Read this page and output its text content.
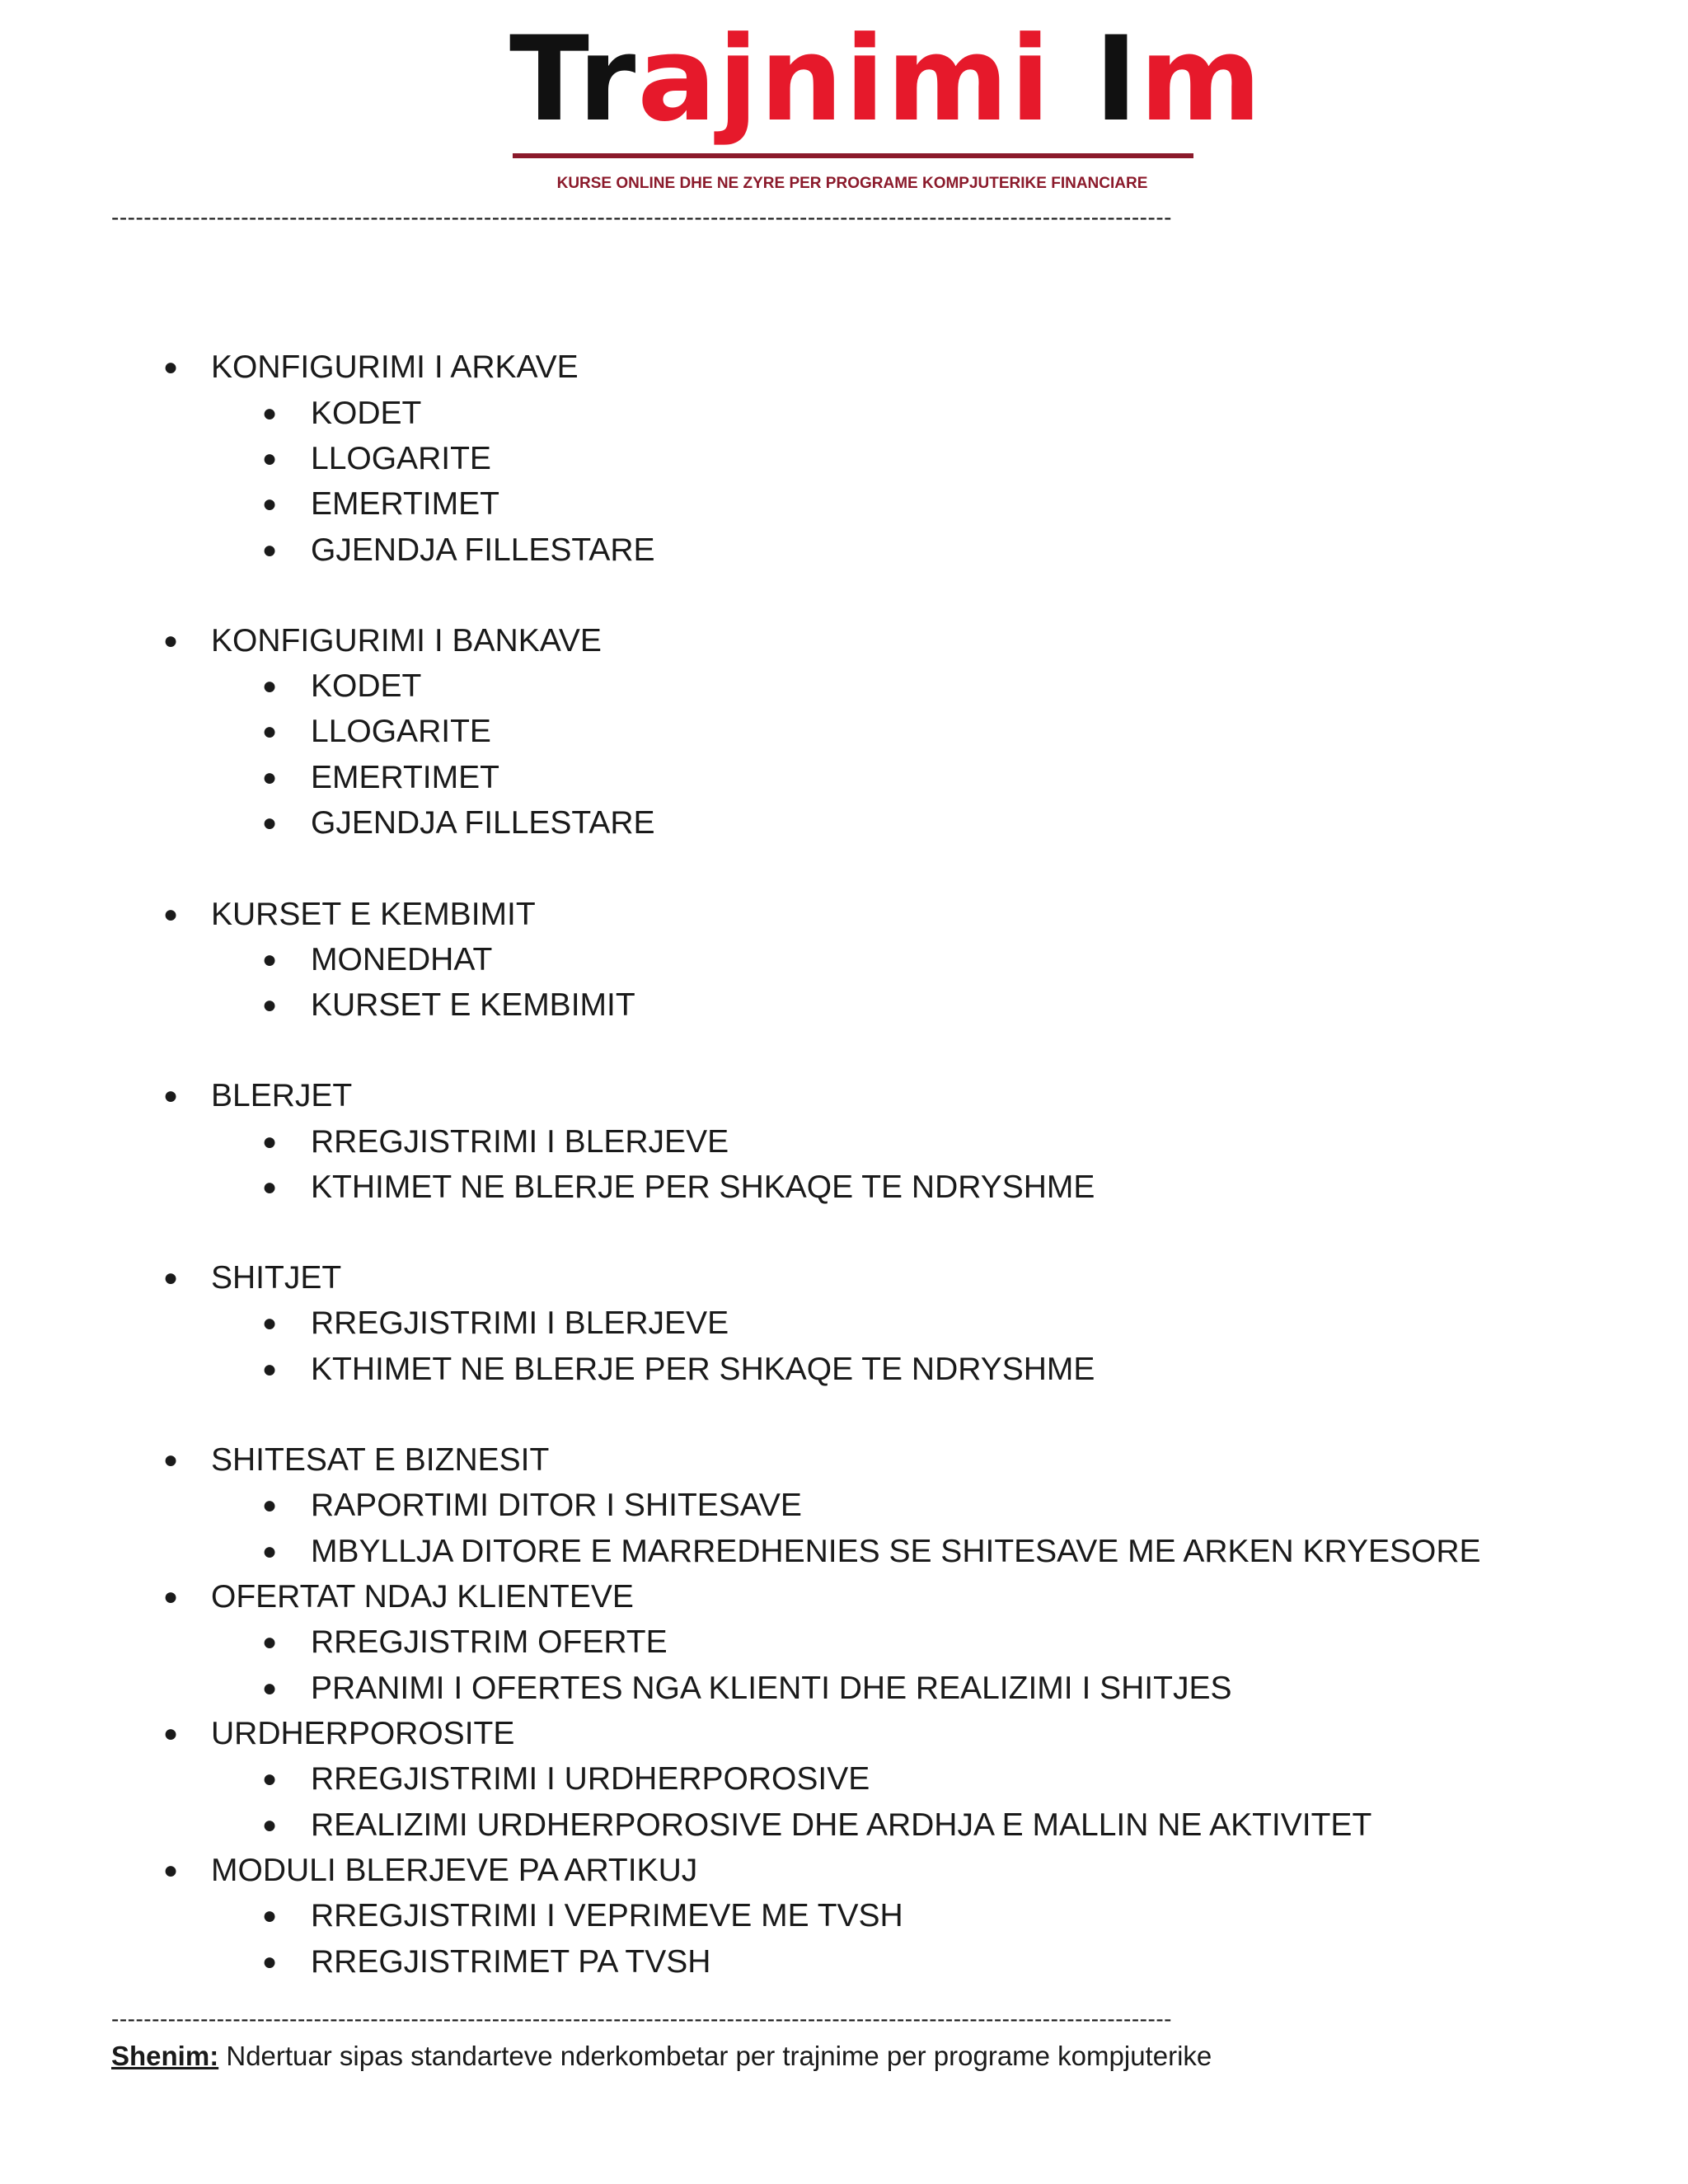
Trajnimi Im
KURSE ONLINE DHE NE ZYRE PER PROGRAME KOMPJUTERIKE FINANCIARE
-----------------------------------------------------------------------------------------------------------------------------------
● KONFIGURIMI I ARKAVE
● KODET
● LLOGARITE
● EMERTIMET
● GJENDJA FILLESTARE
● KONFIGURIMI I BANKAVE
● KODET
● LLOGARITE
● EMERTIMET
● GJENDJA FILLESTARE
● KURSET E KEMBIMIT
● MONEDHAT
● KURSET E KEMBIMIT
● BLERJET
● RREGJISTRIMI I BLERJEVE
● KTHIMET NE BLERJE PER SHKAQE TE NDRYSHME
● SHITJET
● RREGJISTRIMI I BLERJEVE
● KTHIMET NE BLERJE PER SHKAQE TE NDRYSHME
● SHITESAT E BIZNESIT
● RAPORTIMI DITOR I SHITESAVE
● MBYLLJA DITORE E MARREDHENIES SE SHITESAVE ME ARKEN KRYESORE
● OFERTAT NDAJ KLIENTEVE
● RREGJISTRIM OFERTE
● PRANIMI I OFERTES NGA KLIENTI DHE REALIZIMI I SHITJES
● URDHERPOROSITE
● RREGJISTRIMI I URDHERPOROSIVE
● REALIZIMI URDHERPOROSIVE DHE ARDHJA E MALLIN NE AKTIVITET
● MODULI BLERJEVE PA ARTIKUJ
● RREGJISTRIMI I VEPRIMEVE ME TVSH
● RREGJISTRIMET PA TVSH
-----------------------------------------------------------------------------------------------------------------------------------
Shenim: Ndertuar sipas standarteve nderkombetar per trajnime per programe kompjuterike
